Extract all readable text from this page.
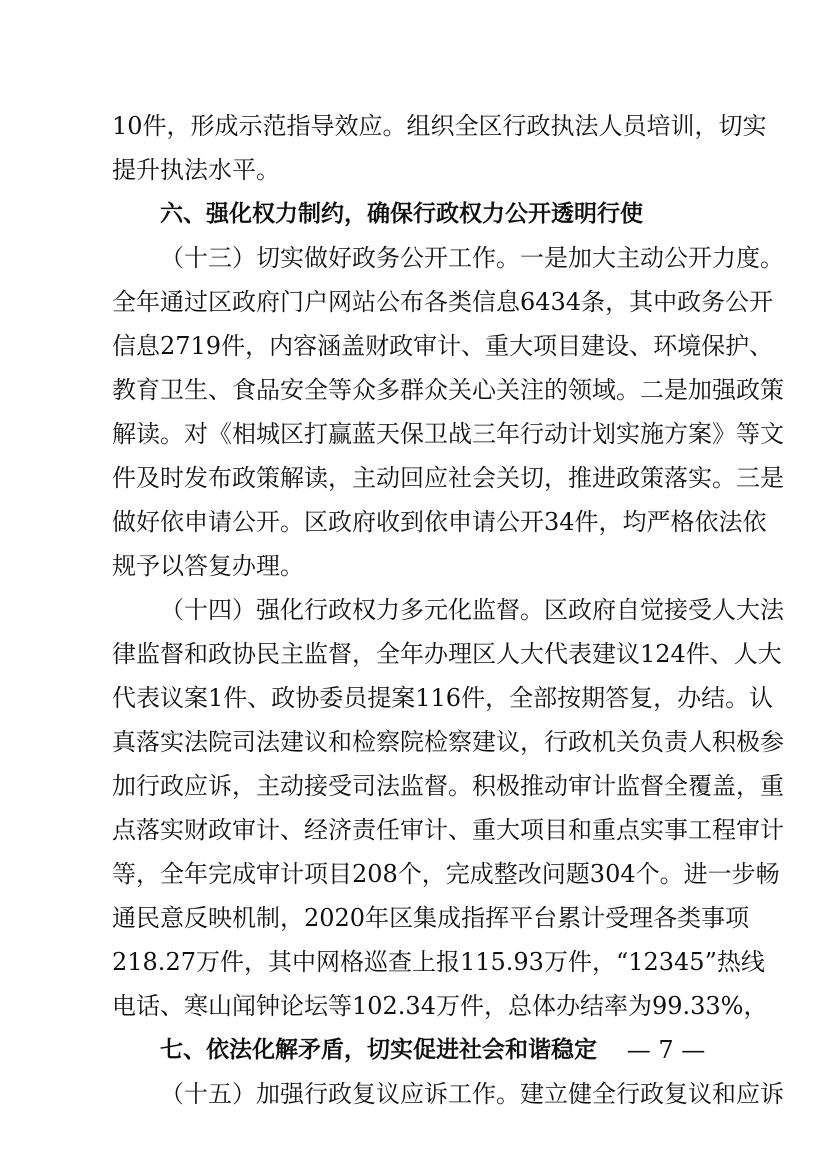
10件，形成示范指导效应。组织全区行政执法人员培训，切实
提升执法水平。
六、强化权力制约，确保行政权力公开透明行使
（十三）切实做好政务公开工作。一是加大主动公开力度。
全年通过区政府门户网站公布各类信息6434条，其中政务公开
信息2719件，内容涵盖财政审计、重大项目建设、环境保护、
教育卫生、食品安全等众多群众关心关注的领域。二是加强政策
解读。对《相城区打赢蓝天保卫战三年行动计划实施方案》等文
件及时发布政策解读，主动回应社会关切，推进政策落实。三是
做好依申请公开。区政府收到依申请公开34件，均严格依法依
规予以答复办理。
（十四）强化行政权力多元化监督。区政府自觉接受人大法
律监督和政协民主监督，全年办理区人大代表建议124件、人大
代表议案1件、政协委员提案116件，全部按期答复，办结。认
真落实法院司法建议和检察院检察建议，行政机关负责人积极参
加行政应诉，主动接受司法监督。积极推动审计监督全覆盖，重
点落实财政审计、经济责任审计、重大项目和重点实事工程审计
等，全年完成审计项目208个，完成整改问题304个。进一步畅
通民意反映机制，2020年区集成指挥平台累计受理各类事项
218.27万件，其中网格巡查上报115.93万件，“12345”热线
电话、寒山闻钟论坛等102.34万件，总体办结率为99.33%，
七、依法化解矛盾，切实促进社会和谐稳定
（十五）加强行政复议应诉工作。建立健全行政复议和应诉
— 7 —
